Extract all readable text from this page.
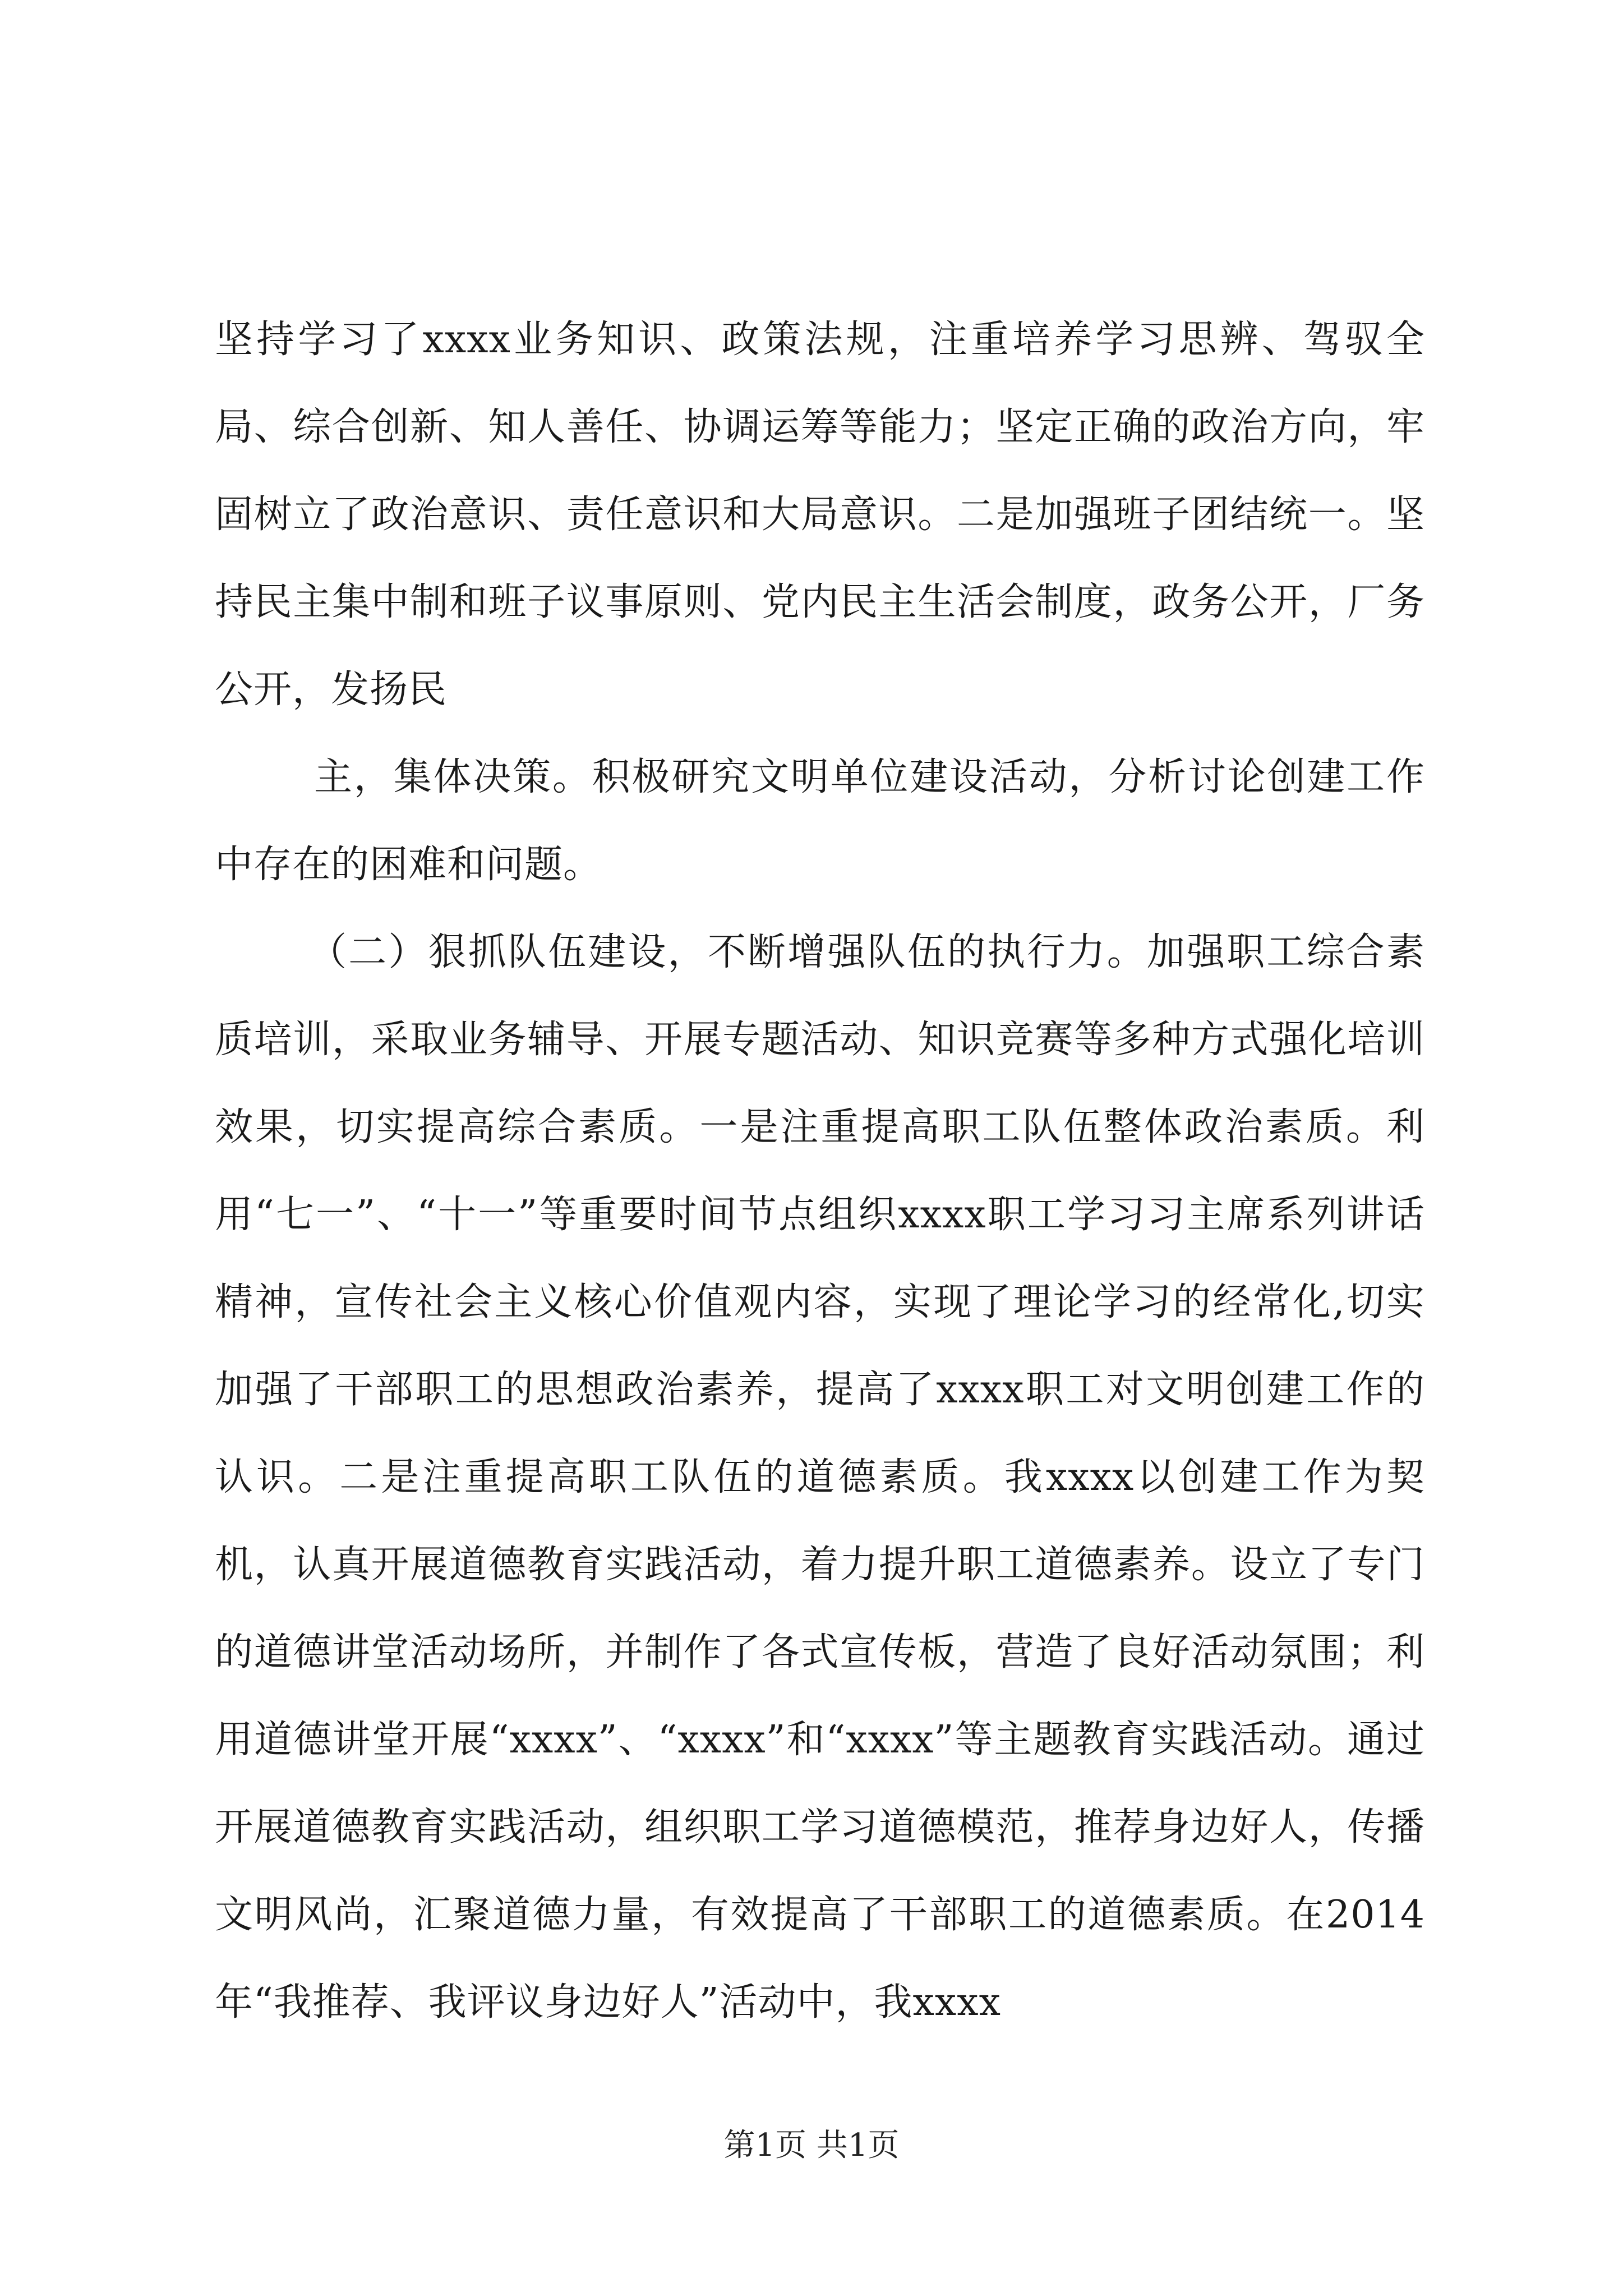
坚持学习了xxxx业务知识、政策法规，注重培养学习思辨、驾驭全局、综合创新、知人善任、协调运筹等能力；坚定正确的政治方向，牢固树立了政治意识、责任意识和大局意识。二是加强班子团结统一。坚持民主集中制和班子议事原则、党内民主生活会制度，政务公开，厂务公开，发扬民

主，集体决策。积极研究文明单位建设活动，分析讨论创建工作中存在的困难和问题。

（二）狠抓队伍建设，不断增强队伍的执行力。加强职工综合素质培训，采取业务辅导、开展专题活动、知识竞赛等多种方式强化培训效果，切实提高综合素质。一是注重提高职工队伍整体政治素质。利用“七一”、“十一”等重要时间节点组织xxxx职工学习习主席系列讲话精神，宣传社会主义核心价值观内容，实现了理论学习的经常化,切实加强了干部职工的思想政治素养，提高了xxxx职工对文明创建工作的认识。二是注重提高职工队伍的道德素质。我xxxx以创建工作为契机，认真开展道德教育实践活动，着力提升职工道德素养。设立了专门的道德讲堂活动场所，并制作了各式宣传板，营造了良好活动氛围；利用道德讲堂开展“xxxx”、“xxxx”和“xxxx”等主题教育实践活动。通过开展道德教育实践活动，组织职工学习道德模范，推荐身边好人，传播文明风尚，汇聚道德力量，有效提高了干部职工的道德素质。在2014年“我推荐、我评议身边好人”活动中，我xxxx

第1页 共1页
